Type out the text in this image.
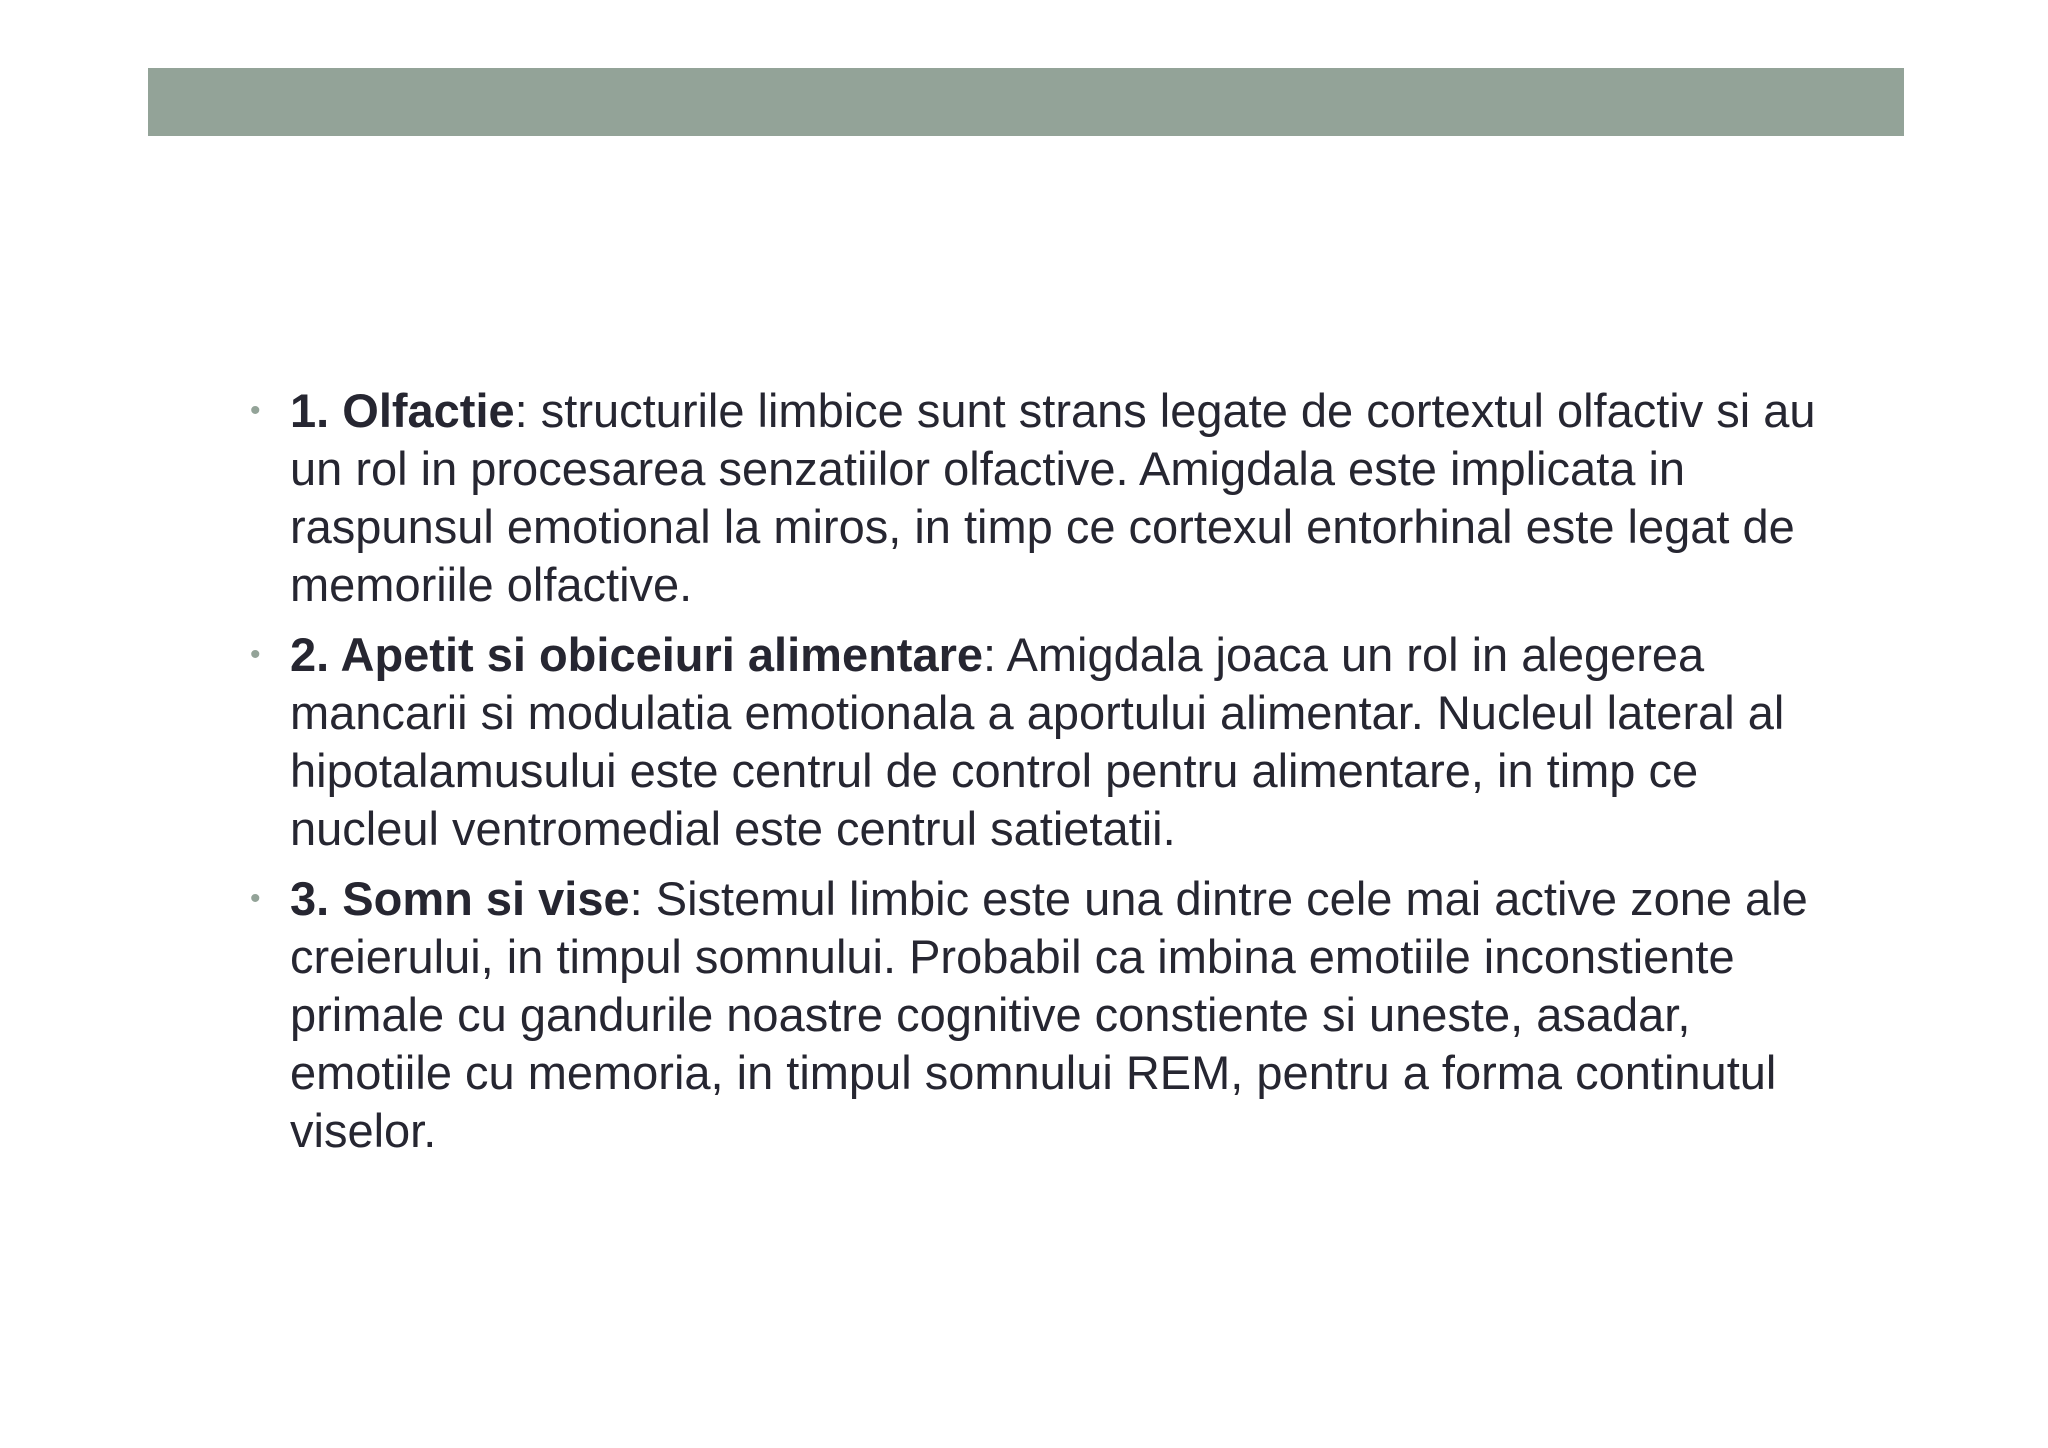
• 1. Olfactie: structurile limbice sunt strans legate de cortextul olfactiv si au un rol in procesarea senzatiilor olfactive. Amigdala este implicata in raspunsul emotional la miros, in timp ce cortexul entorhinal este legat de memoriile olfactive.
• 2. Apetit si obiceiuri alimentare: Amigdala joaca un rol in alegerea mancarii si modulatia emotionala a aportului alimentar. Nucleul lateral al hipotalamusului este centrul de control pentru alimentare, in timp ce nucleul ventromedial este centrul satietatii.
• 3. Somn si vise: Sistemul limbic este una dintre cele mai active zone ale creierului, in timpul somnului. Probabil ca imbina emotiile inconstiente primale cu gandurile noastre cognitive constiente si uneste, asadar, emotiile cu memoria, in timpul somnului REM, pentru a forma continutul viselor.
